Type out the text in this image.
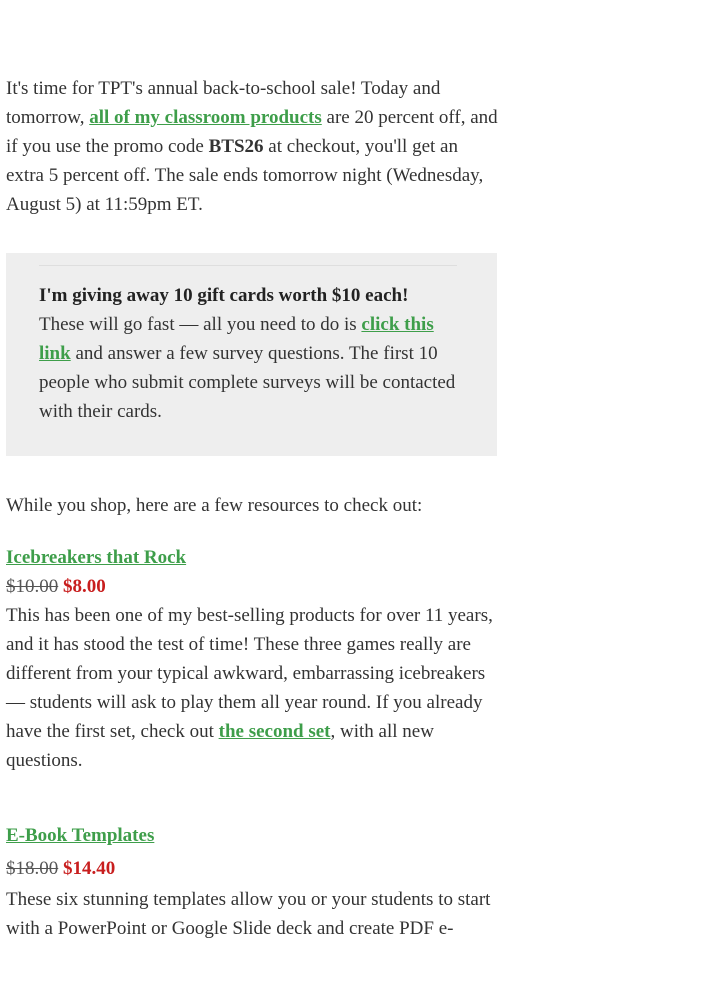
It's time for TPT's annual back-to-school sale! Today and tomorrow, all of my classroom products are 20 percent off, and if you use the promo code BTS26 at checkout, you'll get an extra 5 percent off. The sale ends tomorrow night (Wednesday, August 5) at 11:59pm ET.

I'm giving away 10 gift cards worth $10 each! These will go fast — all you need to do is click this link and answer a few survey questions. The first 10 people who submit complete surveys will be contacted with their cards.

While you shop, here are a few resources to check out:

Icebreakers that Rock
$10.00 $8.00

This has been one of my best-selling products for over 11 years, and it has stood the test of time! These three games really are different from your typical awkward, embarrassing icebreakers — students will ask to play them all year round. If you already have the first set, check out the second set, with all new questions.

E-Book Templates
$18.00 $14.40

These six stunning templates allow you or your students to start with a PowerPoint or Google Slide deck and create PDF e-
